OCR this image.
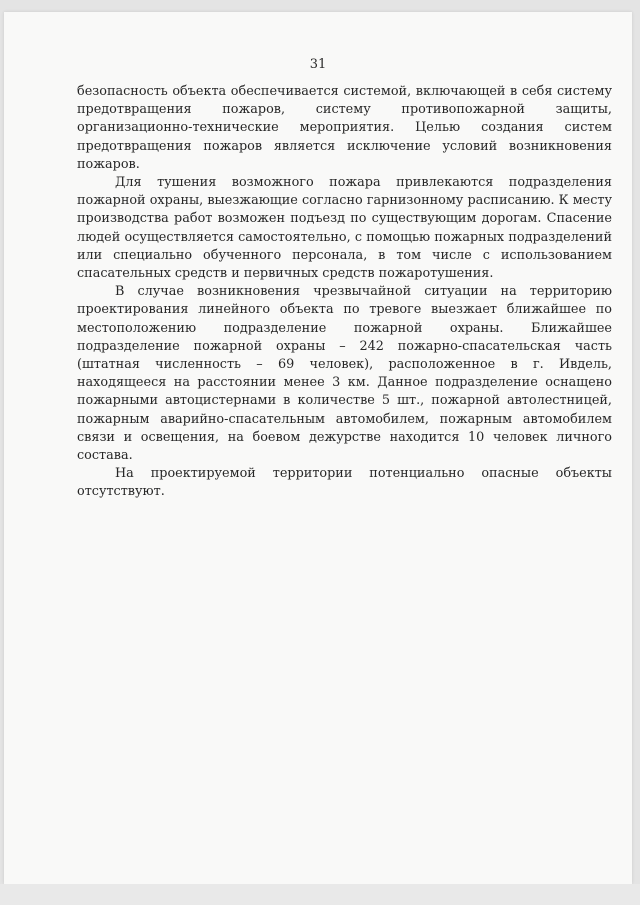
31

безопасность объекта обеспечивается системой, включающей в себя систему предотвращения пожаров, систему противопожарной защиты, организационно-технические мероприятия. Целью создания систем предотвращения пожаров является исключение условий возникновения пожаров.

Для тушения возможного пожара привлекаются подразделения пожарной охраны, выезжающие согласно гарнизонному расписанию. К месту производства работ возможен подъезд по существующим дорогам. Спасение людей осуществляется самостоятельно, с помощью пожарных подразделений или специально обученного персонала, в том числе с использованием спасательных средств и первичных средств пожаротушения.

В случае возникновения чрезвычайной ситуации на территорию проектирования линейного объекта по тревоге выезжает ближайшее по местоположению подразделение пожарной охраны. Ближайшее подразделение пожарной охраны – 242 пожарно-спасательская часть (штатная численность – 69 человек), расположенное в г. Ивдель, находящееся на расстоянии менее 3 км. Данное подразделение оснащено пожарными автоцистернами в количестве 5 шт., пожарной автолестницей, пожарным аварийно-спасательным автомобилем, пожарным автомобилем связи и освещения, на боевом дежурстве находится 10 человек личного состава.

На проектируемой территории потенциально опасные объекты отсутствуют.
